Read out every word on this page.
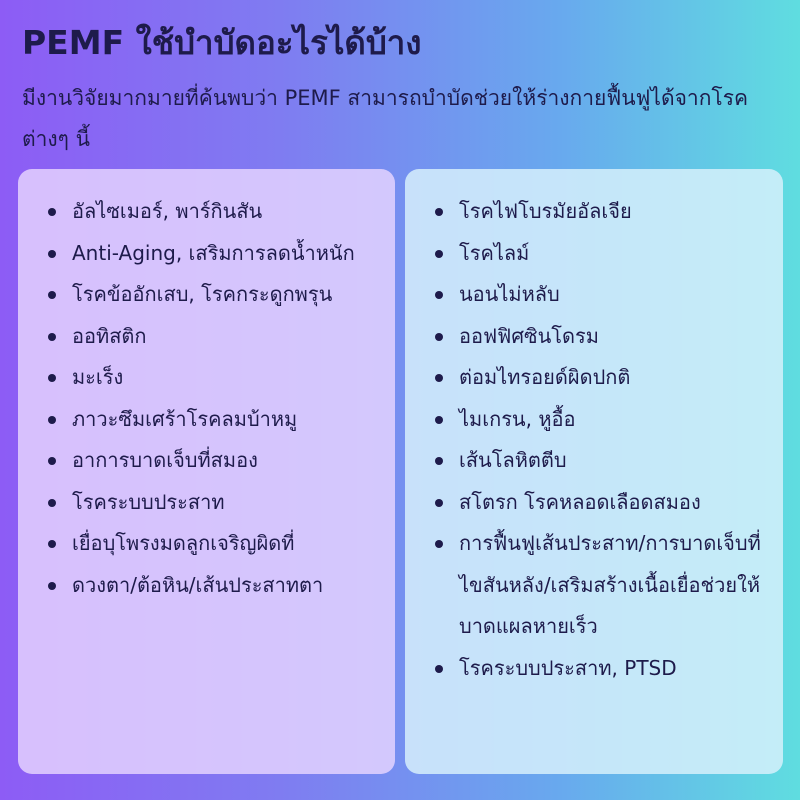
PEMF ใช้บำบัดอะไรได้บ้าง
มีงานวิจัยมากมายที่ค้นพบว่า PEMF สามารถบำบัดช่วยให้ร่างกายฟื้นฟูได้จากโรคต่างๆ นี้
อัลไซเมอร์, พาร์กินสัน
Anti-Aging, เสริมการลดน้ำหนัก
โรคข้ออักเสบ, โรคกระดูกพรุน
ออทิสติก
มะเร็ง
ภาวะซึมเศร้าโรคลมบ้าหมู
อาการบาดเจ็บที่สมอง
โรคระบบประสาท
เยื่อบุโพรงมดลูกเจริญผิดที่
ดวงตา/ต้อหิน/เส้นประสาทตา
โรคไฟโบรมัยอัลเจีย
โรคไลม์
นอนไม่หลับ
ออฟฟิศซินโดรม
ต่อมไทรอยด์ผิดปกติ
ไมเกรน, หูอื้อ
เส้นโลหิตตีบ
สโตรก โรคหลอดเลือดสมอง
การฟื้นฟูเส้นประสาท/การบาดเจ็บที่ไขสันหลัง/เสริมสร้างเนื้อเยื่อช่วยให้บาดแผลหายเร็ว
โรคระบบประสาท, PTSD
